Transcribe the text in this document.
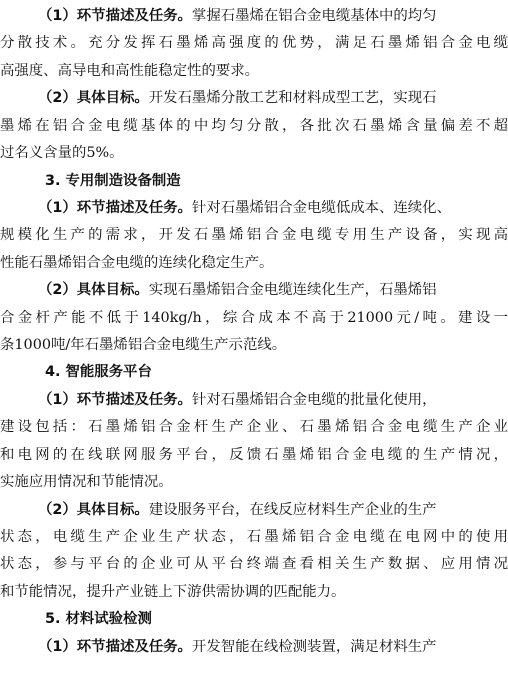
（1）环节描述及任务。掌握石墨烯在铝合金电缆基体中的均匀
分散技术。充分发挥石墨烯高强度的优势，满足石墨烯铝合金电缆
高强度、高导电和高性能稳定性的要求。
（2）具体目标。开发石墨烯分散工艺和材料成型工艺，实现石
墨烯在铝合金电缆基体的中均匀分散，各批次石墨烯含量偏差不超
过名义含量的5%。
3. 专用制造设备制造
（1）环节描述及任务。针对石墨烯铝合金电缆低成本、连续化、
规模化生产的需求，开发石墨烯铝合金电缆专用生产设备，实现高
性能石墨烯铝合金电缆的连续化稳定生产。
（2）具体目标。实现石墨烯铝合金电缆连续化生产，石墨烯铝
合金杆产能不低于140kg/h，综合成本不高于21000元/吨。建设一
条1000吨/年石墨烯铝合金电缆生产示范线。
4. 智能服务平台
（1）环节描述及任务。针对石墨烯铝合金电缆的批量化使用，
建设包括：石墨烯铝合金杆生产企业、石墨烯铝合金电缆生产企业
和电网的在线联网服务平台，反馈石墨烯铝合金电缆的生产情况，
实施应用情况和节能情况。
（2）具体目标。建设服务平台，在线反应材料生产企业的生产
状态，电缆生产企业生产状态，石墨烯铝合金电缆在电网中的使用
状态，参与平台的企业可从平台终端查看相关生产数据、应用情况
和节能情况，提升产业链上下游供需协调的匹配能力。
5. 材料试验检测
（1）环节描述及任务。开发智能在线检测装置，满足材料生产
